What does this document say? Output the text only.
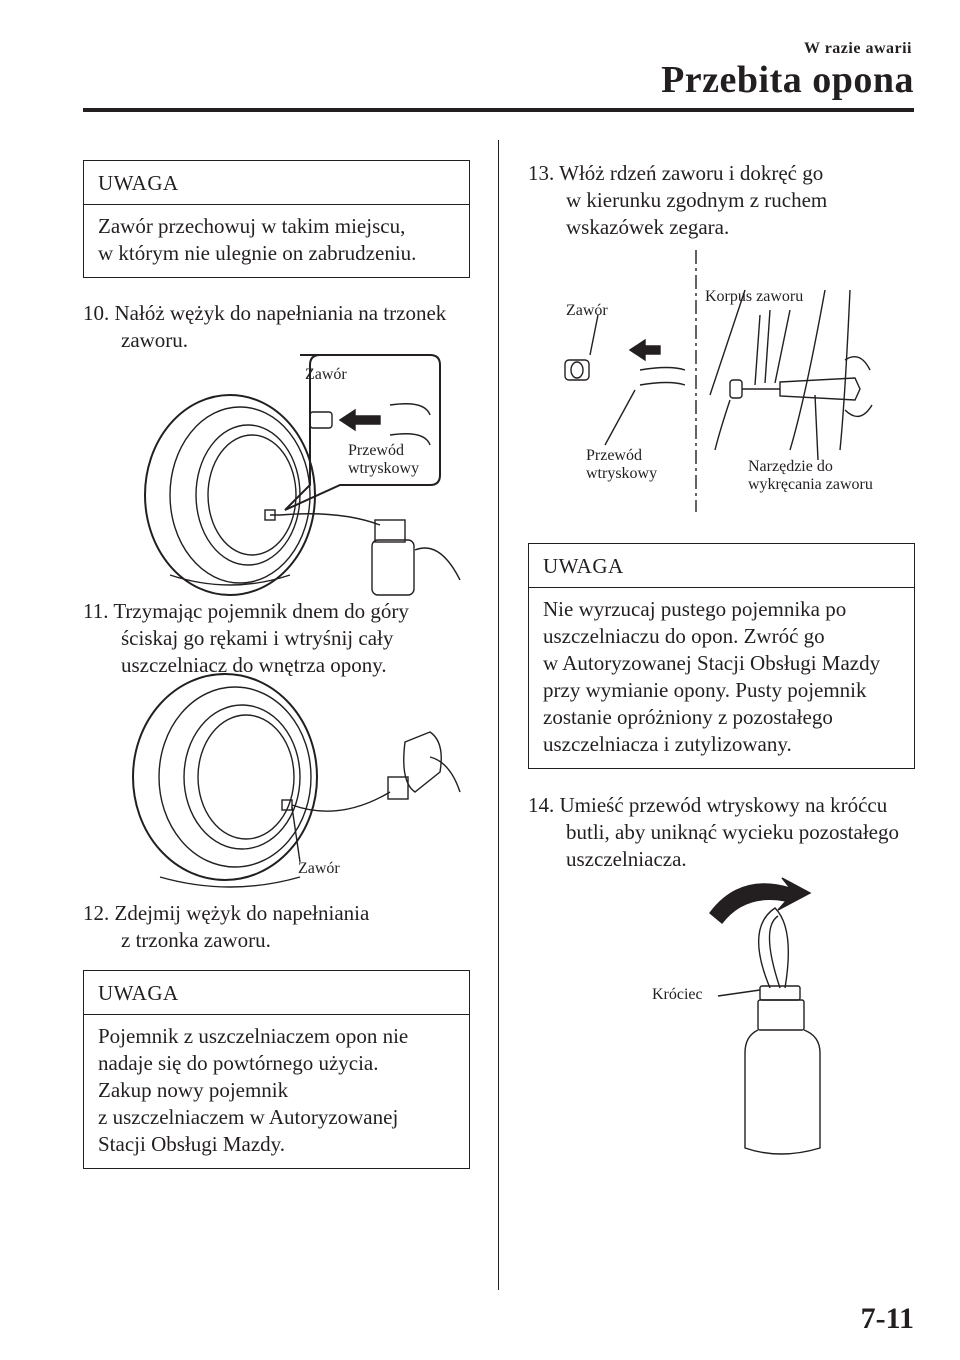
W razie awarii
Przebita opona
UWAGA
Zawór przechowuj w takim miejscu,
w którym nie ulegnie on zabrudzeniu.
10. Nałóż wężyk do napełniania na trzonek
zaworu.
Zawór
Przewód
wtryskowy
11. Trzymając pojemnik dnem do góry
ściskaj go rękami i wtryśnij cały
uszczelniacz do wnętrza opony.
Zawór
12. Zdejmij wężyk do napełniania
z trzonka zaworu.
UWAGA
Pojemnik z uszczelniaczem opon nie
nadaje się do powtórnego użycia.
Zakup nowy pojemnik
z uszczelniaczem w Autoryzowanej
Stacji Obsługi Mazdy.
13. Włóż rdzeń zaworu i dokręć go
w kierunku zgodnym z ruchem
wskazówek zegara.
Zawór
Korpus zaworu
Przewód
wtryskowy	Narzędzie do
wykręcania zaworu
UWAGA
Nie wyrzucaj pustego pojemnika po
uszczelniaczu do opon. Zwróć go
w Autoryzowanej Stacji Obsługi Mazdy
przy wymianie opony. Pusty pojemnik
zostanie opróżniony z pozostałego
uszczelniacza i zutylizowany.
14. Umieść przewód wtryskowy na króćcu
butli, aby uniknąć wycieku pozostałego
uszczelniacza.
Króciec
7-11
